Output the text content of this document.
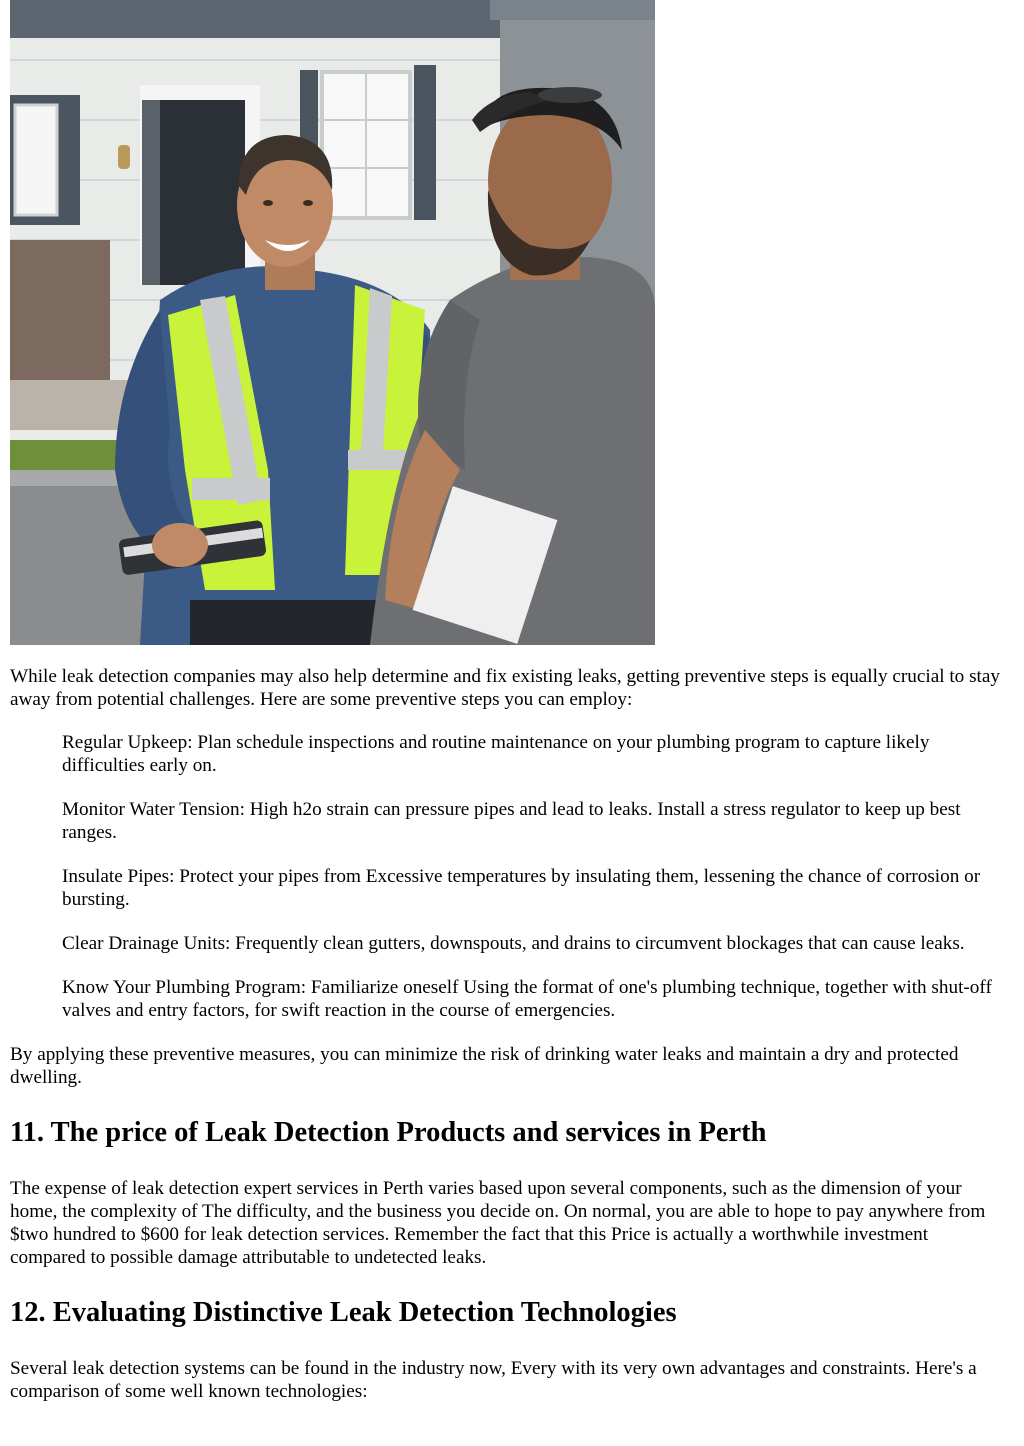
While leak detection companies may also help determine and fix existing leaks, getting preventive steps is equally crucial to stay away from potential challenges. Here are some preventive steps you can employ:

Regular Upkeep: Plan schedule inspections and routine maintenance on your plumbing program to capture likely difficulties early on.
Monitor Water Tension: High h2o strain can pressure pipes and lead to leaks. Install a stress regulator to keep up best ranges.
Insulate Pipes: Protect your pipes from Excessive temperatures by insulating them, lessening the chance of corrosion or bursting.
Clear Drainage Units: Frequently clean gutters, downspouts, and drains to circumvent blockages that can cause leaks.
Know Your Plumbing Program: Familiarize oneself Using the format of one's plumbing technique, together with shut-off valves and entry factors, for swift reaction in the course of emergencies.

By applying these preventive measures, you can minimize the risk of drinking water leaks and maintain a dry and protected dwelling.

11. The price of Leak Detection Products and services in Perth

The expense of leak detection expert services in Perth varies based upon several components, such as the dimension of your home, the complexity of The difficulty, and the business you decide on. On normal, you are able to hope to pay anywhere from $two hundred to $600 for leak detection services. Remember the fact that this Price is actually a worthwhile investment compared to possible damage attributable to undetected leaks.

12. Evaluating Distinctive Leak Detection Technologies

Several leak detection systems can be found in the industry now, Every with its very own advantages and constraints. Here's a comparison of some well known technologies:
